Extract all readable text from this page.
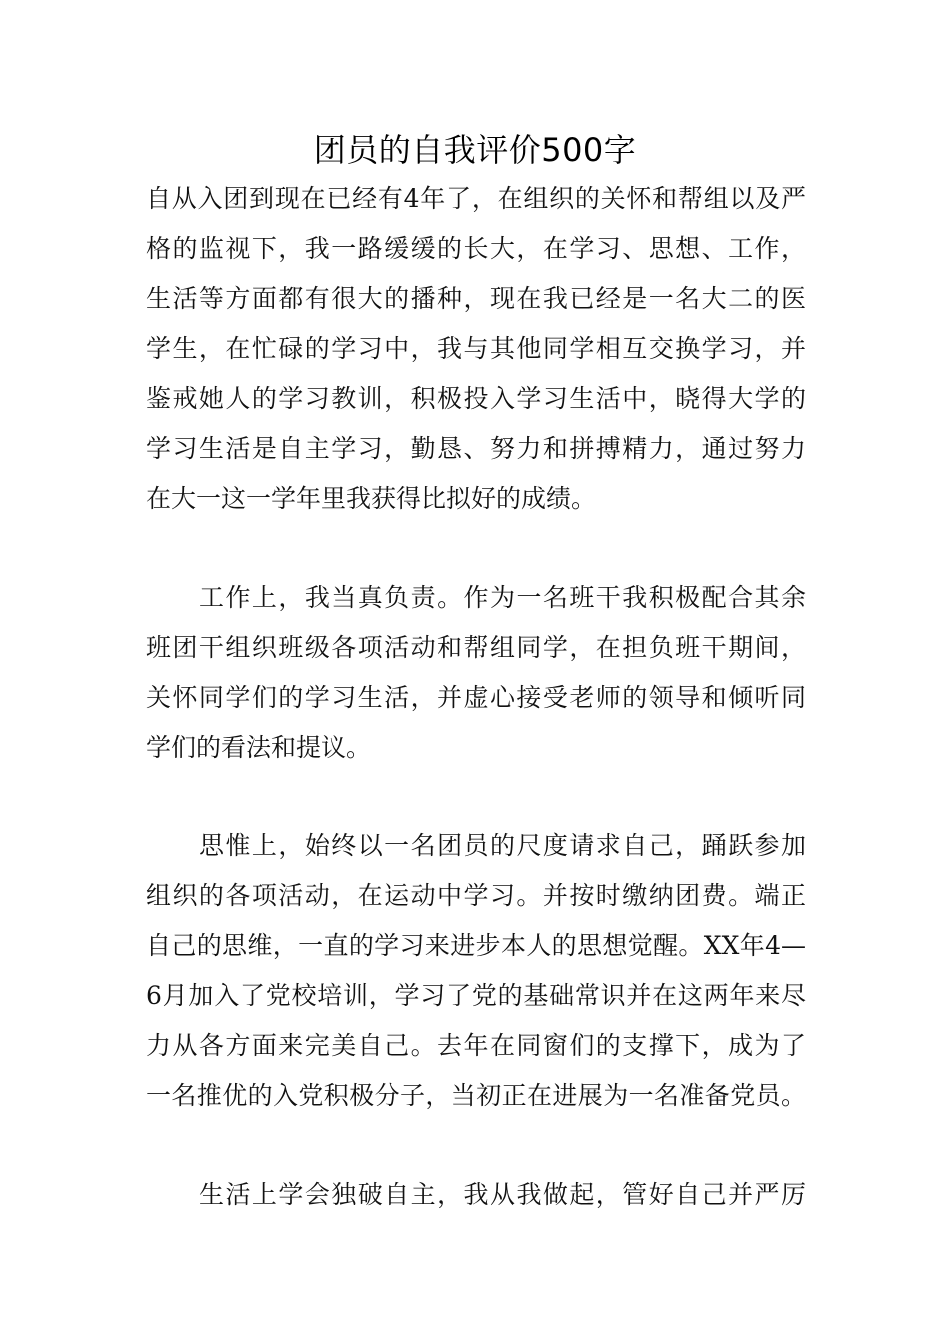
团员的自我评价500字
自从入团到现在已经有4年了，在组织的关怀和帮组以及严
格的监视下，我一路缓缓的长大，在学习、思想、工作，
生活等方面都有很大的播种，现在我已经是一名大二的医
学生，在忙碌的学习中，我与其他同学相互交换学习，并
鉴戒她人的学习教训，积极投入学习生活中，晓得大学的
学习生活是自主学习，勤恳、努力和拼搏精力，通过努力
在大一这一学年里我获得比拟好的成绩。
工作上，我当真负责。作为一名班干我积极配合其余
班团干组织班级各项活动和帮组同学，在担负班干期间，
关怀同学们的学习生活，并虚心接受老师的领导和倾听同
学们的看法和提议。
思惟上，始终以一名团员的尺度请求自己，踊跃参加
组织的各项活动，在运动中学习。并按时缴纳团费。端正
自己的思维，一直的学习来进步本人的思想觉醒。XX年4—
6月加入了党校培训，学习了党的基础常识并在这两年来尽
力从各方面来完美自己。去年在同窗们的支撑下，成为了
一名推优的入党积极分子，当初正在进展为一名准备党员。
生活上学会独破自主，我从我做起，管好自己并严厉
